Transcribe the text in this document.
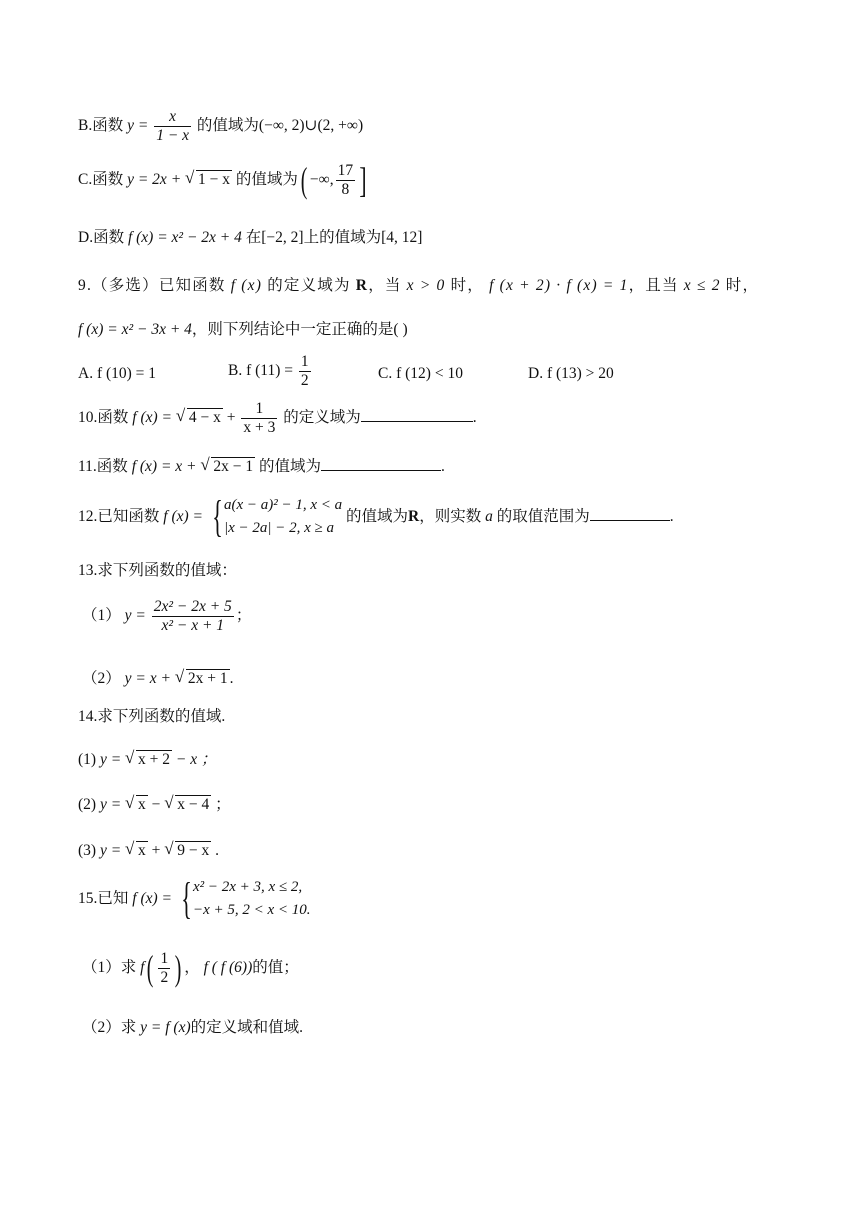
B.函数 $y = \frac{x}{1 - x}$ 的值域为(−∞, 2)∪(2, +∞)
C.函数 y = 2x + √ 1 − x 的值域为( −∞, $\frac{17}{8}$ ]
D.函数 f (x) = x² − 2x + 4 在[−2, 2]上的值域为[4, 12]
9.（多选）已知函数 f (x) 的定义域为 R，当 x > 0 时， f (x + 2) · f (x) = 1，且当 x ≤ 2 时，
f (x) = x² − 3x + 4，则下列结论中一定正确的是( )
A. f (10) = 1	B. f $(11) = \frac{1}{2}$	C. f (12) < 10	D. f (13) > 20
10.函数 f (x) = √ $4 - x + \frac{1}{x + 3}$ 的定义域为	.
11.函数 f (x) = x + √ 2x − 1 的值域为	.
12.已知函数 f (x) = { a(x − a)² − 1, x < a
|x − 2a| − 2, x ≥ a
的值域为R，则实数 a 的取值范围为	.
13.求下列函数的值域：
（1） $y = \frac{\text{2x² − 2x + 5}}{\text{x² − x + 1}}$ ；
（2） y = x + √ 2x + 1 .
14.求下列函数的值域.
(1) y = √ x + 2 − x ；
(2) y = √ x − √ x − 4 ；
(3) y = √ x + √ 9 − x .
15.已知 f (x) = { x² − 2x + 3, x ≤ 2,
−x + 5, 2 < x < 10.
（1）求 $f( \frac{1}{2}$ ) ， f ( f (6))的值；
（2）求 y = f (x)的定义域和值域.
